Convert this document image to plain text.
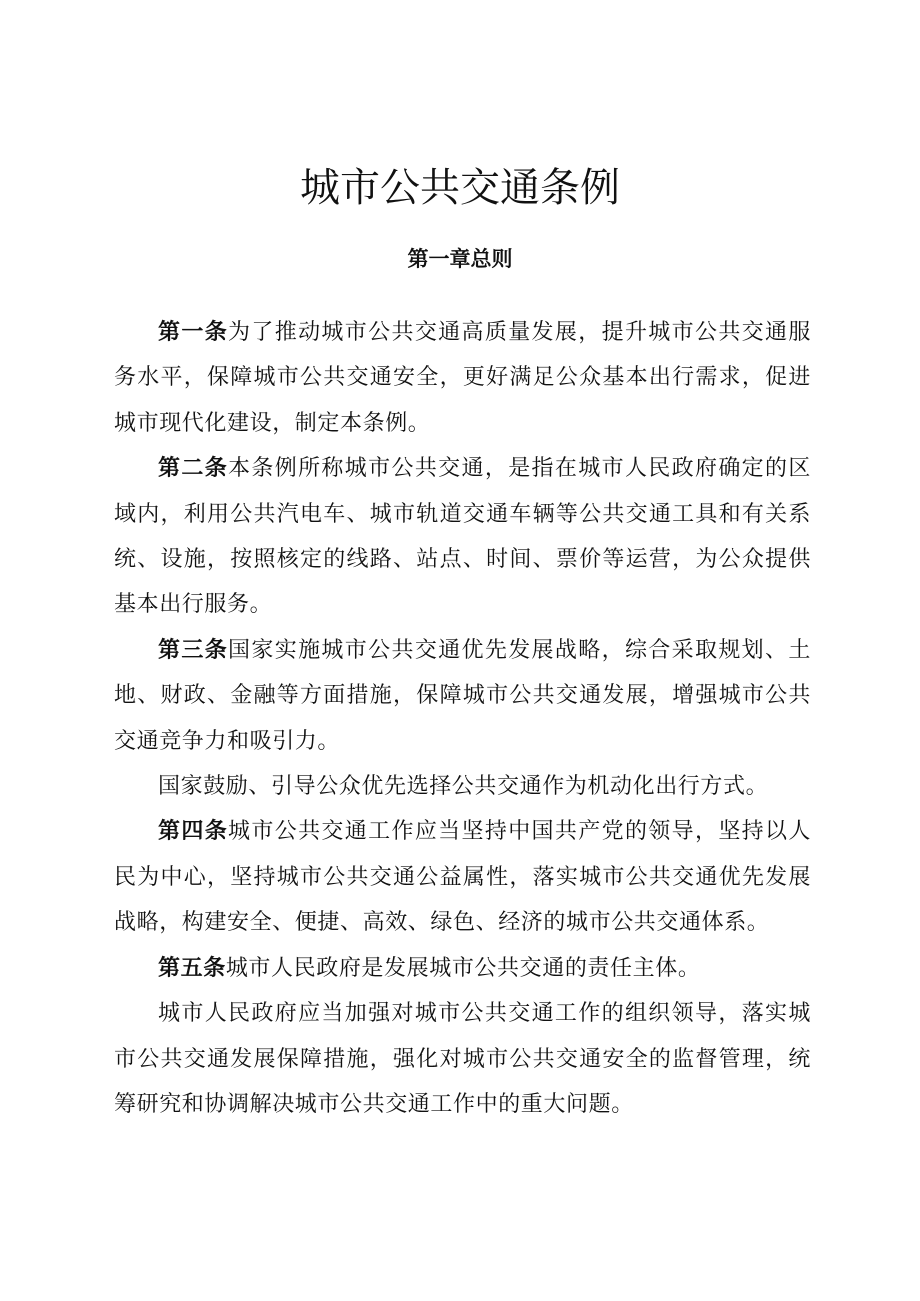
城市公共交通条例
第一章总则

第一条为了推动城市公共交通高质量发展，提升城市公共交通服务水平，保障城市公共交通安全，更好满足公众基本出行需求，促进城市现代化建设，制定本条例。

第二条本条例所称城市公共交通，是指在城市人民政府确定的区域内，利用公共汽电车、城市轨道交通车辆等公共交通工具和有关系统、设施，按照核定的线路、站点、时间、票价等运营，为公众提供基本出行服务。

第三条国家实施城市公共交通优先发展战略，综合采取规划、土地、财政、金融等方面措施，保障城市公共交通发展，增强城市公共交通竞争力和吸引力。

国家鼓励、引导公众优先选择公共交通作为机动化出行方式。

第四条城市公共交通工作应当坚持中国共产党的领导，坚持以人民为中心，坚持城市公共交通公益属性，落实城市公共交通优先发展战略，构建安全、便捷、高效、绿色、经济的城市公共交通体系。

第五条城市人民政府是发展城市公共交通的责任主体。

城市人民政府应当加强对城市公共交通工作的组织领导，落实城市公共交通发展保障措施，强化对城市公共交通安全的监督管理，统筹研究和协调解决城市公共交通工作中的重大问题。
